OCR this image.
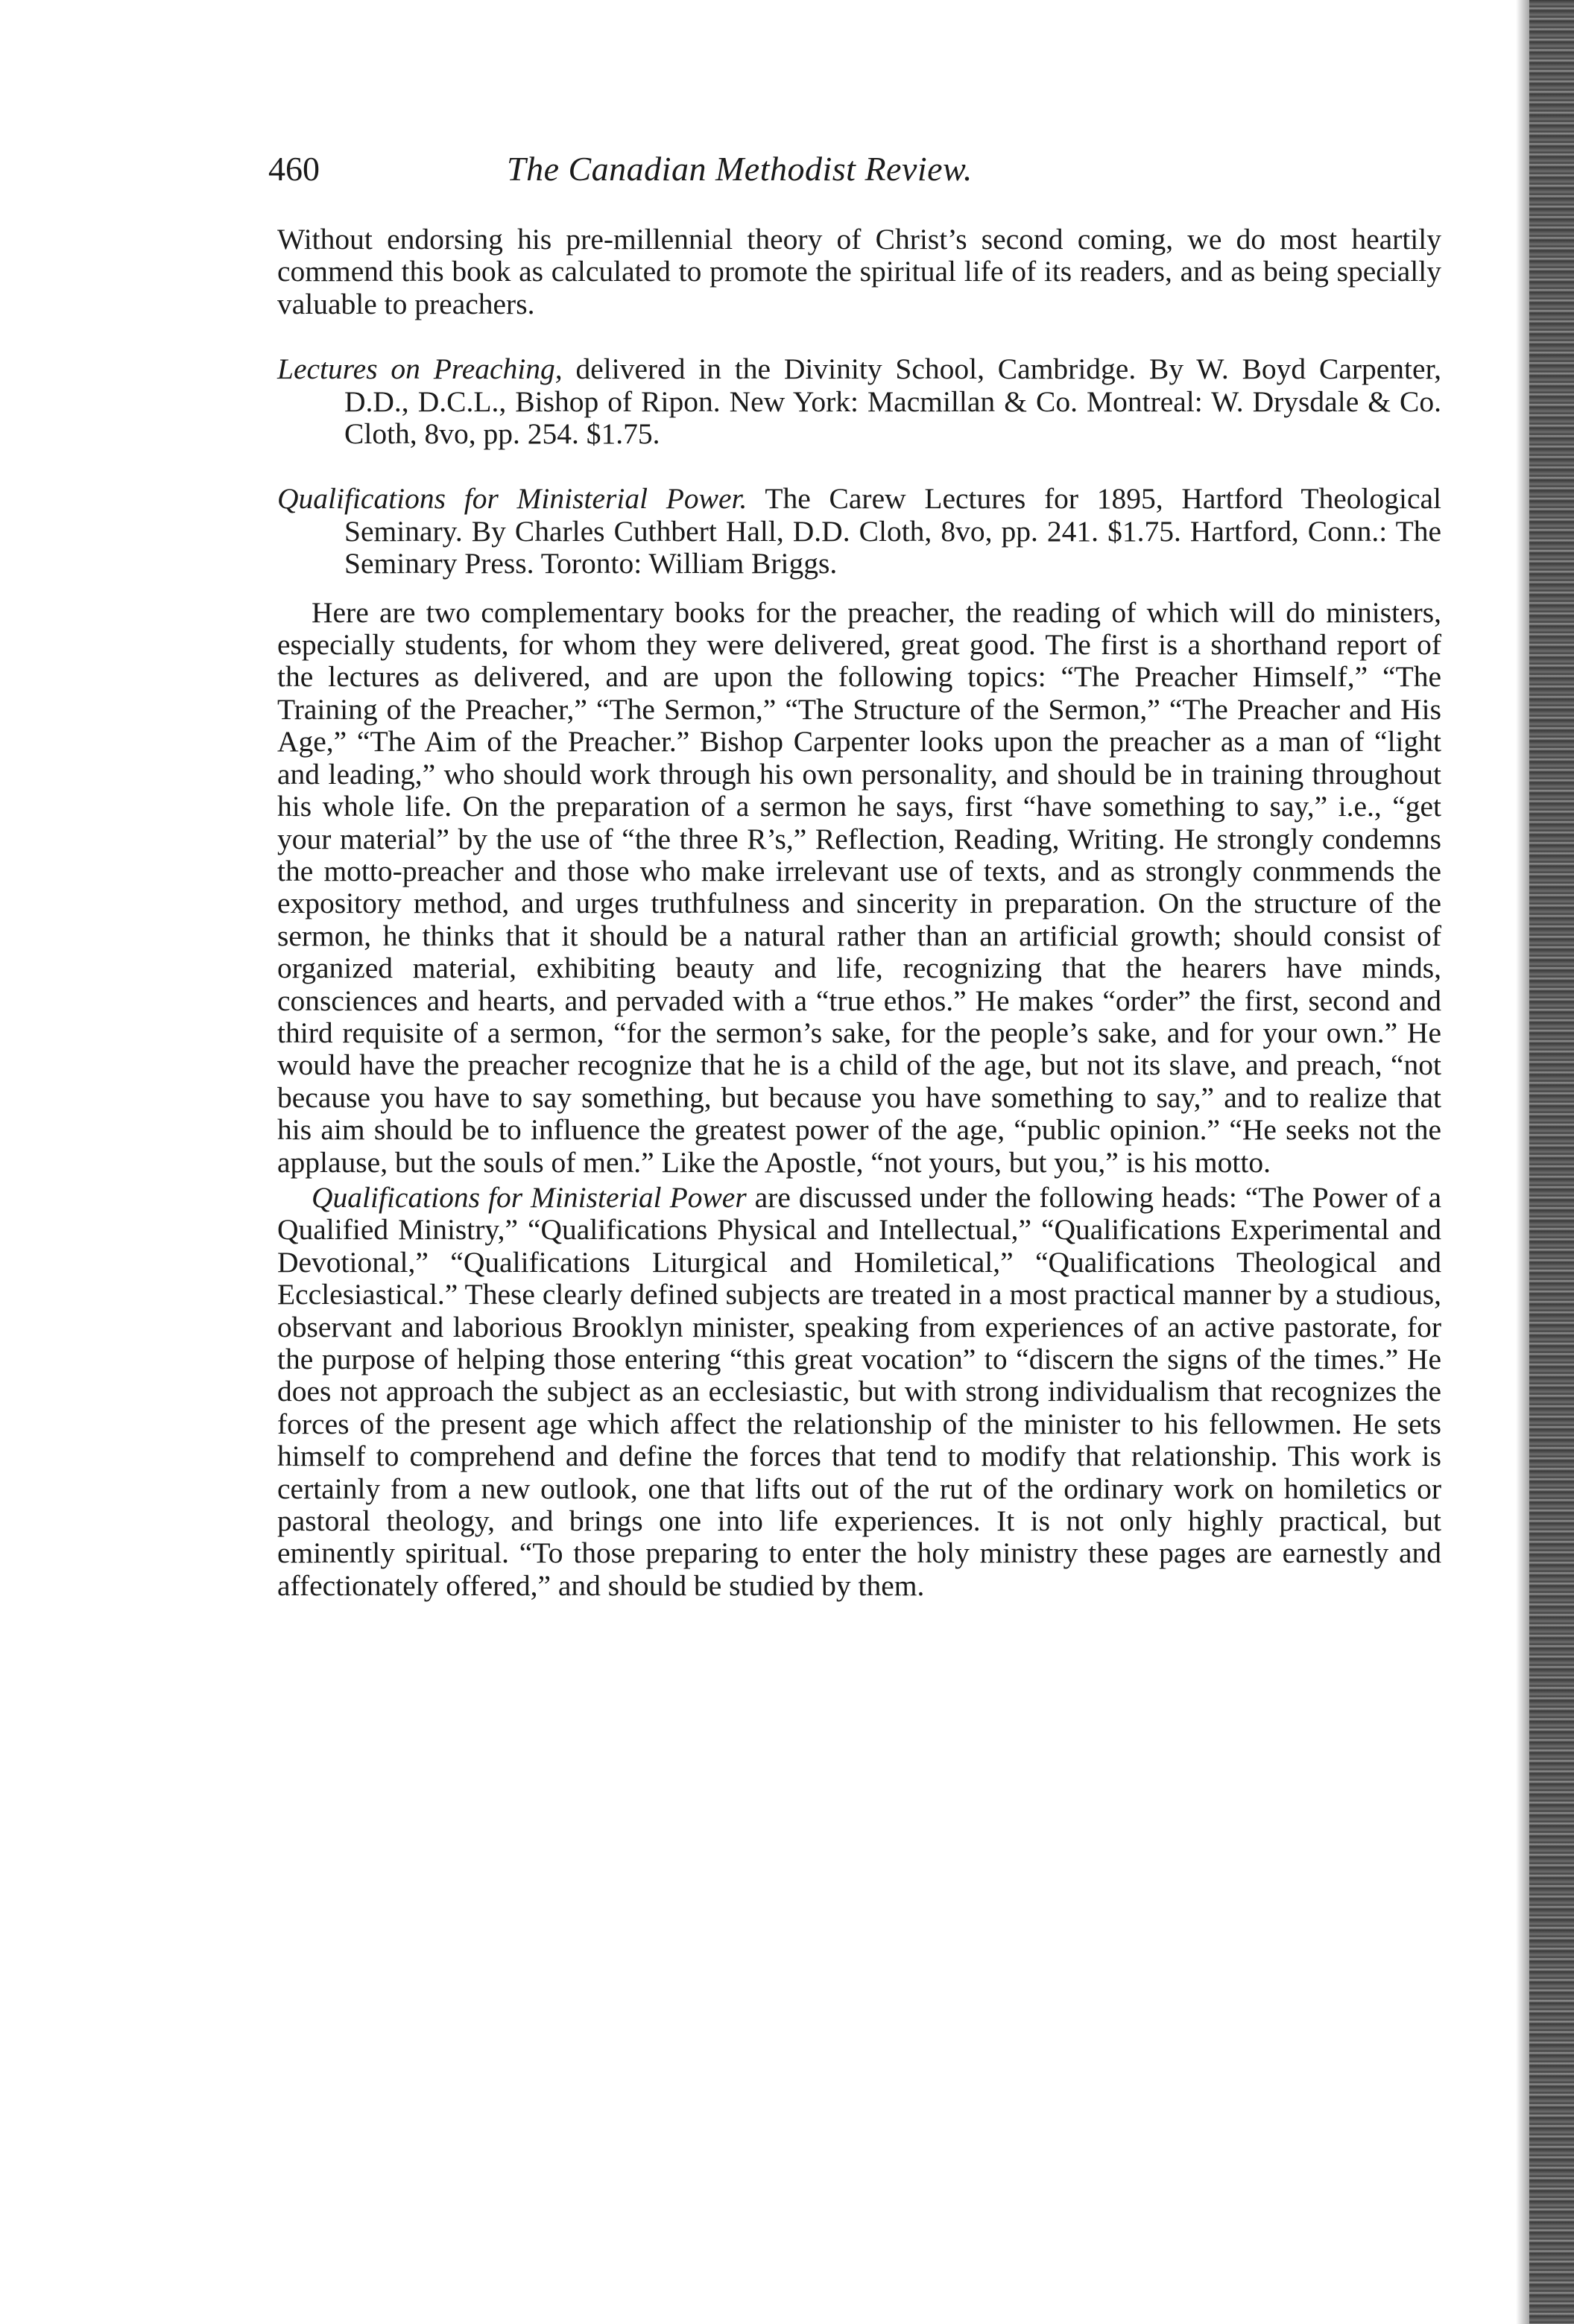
460	The Canadian Methodist Review.

Without endorsing his pre-millennial theory of Christ’s second coming, we do most heartily commend this book as calculated to promote the spiritual life of its readers, and as being specially valuable to preachers.

Lectures on Preaching, delivered in the Divinity School, Cambridge. By W. Boyd Carpenter, D.D., D.C.L., Bishop of Ripon. New York: Macmillan & Co. Montreal: W. Drysdale & Co. Cloth, 8vo, pp. 254. $1.75.

Qualifications for Ministerial Power. The Carew Lectures for 1895, Hartford Theological Seminary. By Charles Cuthbert Hall, D.D. Cloth, 8vo, pp. 241. $1.75. Hartford, Conn.: The Seminary Press. Toronto: William Briggs.

Here are two complementary books for the preacher, the reading of which will do ministers, especially students, for whom they were delivered, great good. The first is a shorthand report of the lectures as delivered, and are upon the following topics: “The Preacher Himself,” “The Training of the Preacher,” “The Sermon,” “The Structure of the Sermon,” “The Preacher and His Age,” “The Aim of the Preacher.” Bishop Carpenter looks upon the preacher as a man of “light and leading,” who should work through his own personality, and should be in training throughout his whole life. On the preparation of a sermon he says, first “have something to say,” i.e., “get your material” by the use of “the three R’s,” Reflection, Reading, Writing. He strongly condemns the motto-preacher and those who make irrelevant use of texts, and as strongly conmmends the expository method, and urges truthfulness and sincerity in preparation. On the structure of the sermon, he thinks that it should be a natural rather than an artificial growth; should consist of organized material, exhibiting beauty and life, recognizing that the hearers have minds, consciences and hearts, and pervaded with a “true ethos.” He makes “order” the first, second and third requisite of a sermon, “for the sermon’s sake, for the people’s sake, and for your own.” He would have the preacher recognize that he is a child of the age, but not its slave, and preach, “not because you have to say something, but because you have something to say,” and to realize that his aim should be to influence the greatest power of the age, “public opinion.” “He seeks not the applause, but the souls of men.” Like the Apostle, “not yours, but you,” is his motto.

Qualifications for Ministerial Power are discussed under the following heads: “The Power of a Qualified Ministry,” “Qualifications Physical and Intellectual,” “Qualifications Experimental and Devotional,” “Qualifications Liturgical and Homiletical,” “Qualifications Theological and Ecclesiastical.” These clearly defined subjects are treated in a most practical manner by a studious, observant and laborious Brooklyn minister, speaking from experiences of an active pastorate, for the purpose of helping those entering “this great vocation” to “discern the signs of the times.” He does not approach the subject as an ecclesiastic, but with strong individualism that recognizes the forces of the present age which affect the relationship of the minister to his fellowmen. He sets himself to comprehend and define the forces that tend to modify that relationship. This work is certainly from a new outlook, one that lifts out of the rut of the ordinary work on homiletics or pastoral theology, and brings one into life experiences. It is not only highly practical, but eminently spiritual. “To those preparing to enter the holy ministry these pages are earnestly and affectionately offered,” and should be studied by them.
